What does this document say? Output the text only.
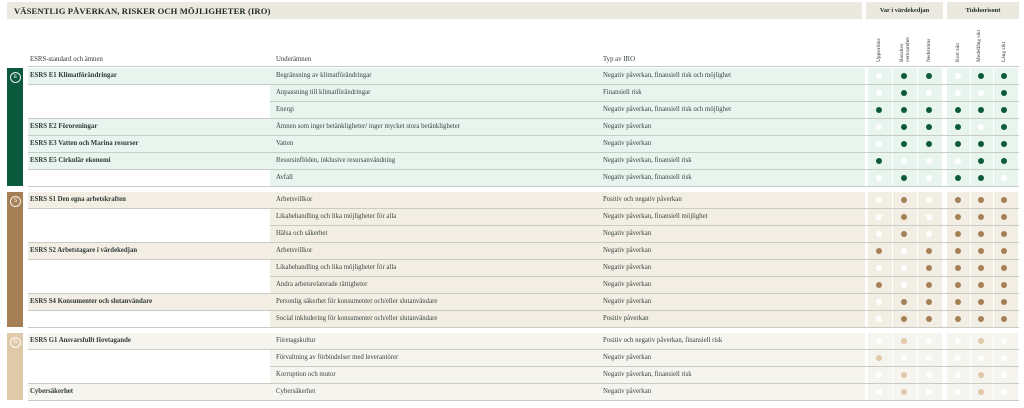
VÄSENTLIG PÅVERKAN, RISKER OCH MÖJLIGHETER (IRO)	Var i värdekedjan	Tidshorisont
Uppströms	Basaltex verksamhet	Nedströms	Kort sikt	Medellång sikt	Lång sikt
ESRS-standard och ämnen	Underämnen	Typ av IRO
E
S
G
ESRS E1 Klimatförändringar	Begränsning av klimatförändringar	Negativ påverkan, finansiell risk och möjlighet
Anpassning till klimatförändringar	Finansiell risk
Energi	Negativ påverkan, finansiell risk och möjlighet
ESRS E2 Föroreningar	Ämnen som inger betänkligheter/ inger mycket stora betänkligheter	Negativ påverkan
ESRS E3 Vatten och Marina resurser	Vatten	Negativ påverkan
ESRS E5 Cirkulär ekonomi	Resursinflöden, inklusive resursanvändning	Negativ påverkan, finansiell risk
Avfall	Negativ påverkan, finansiell risk
ESRS S1 Den egna arbetskraften	Arbetsvillkor	Positiv och negativ påverkan
Likabehandling och lika möjligheter för alla	Negativ påverkan, finansiell möjlighet
Hälsa och säkerhet	Negativ påverkan
ESRS S2 Arbetstagare i värdekedjan	Arbetsvillkor	Negativ påverkan
Likabehandling och lika möjligheter för alla	Negativ påverkan
Andra arbetsrelaterade rättigheter	Negativ påverkan
ESRS S4 Konsumenter och slutanvändare	Personlig säkerhet för konsumenter och/eller slutanvändare	Negativ påverkan
Social inkludering för konsumenter och/eller slutanvändare	Positiv påverkan
ESRS G1 Ansvarsfullt företagande	Företagskultur	Positiv och negativ påverkan, finansiell risk
Förvaltning av förbindelser med leverantörer	Negativ påverkan
Korruption och mutor	Negativ påverkan, finansiell risk
Cybersäkerhet	Cybersäkerhet	Negativ påverkan
